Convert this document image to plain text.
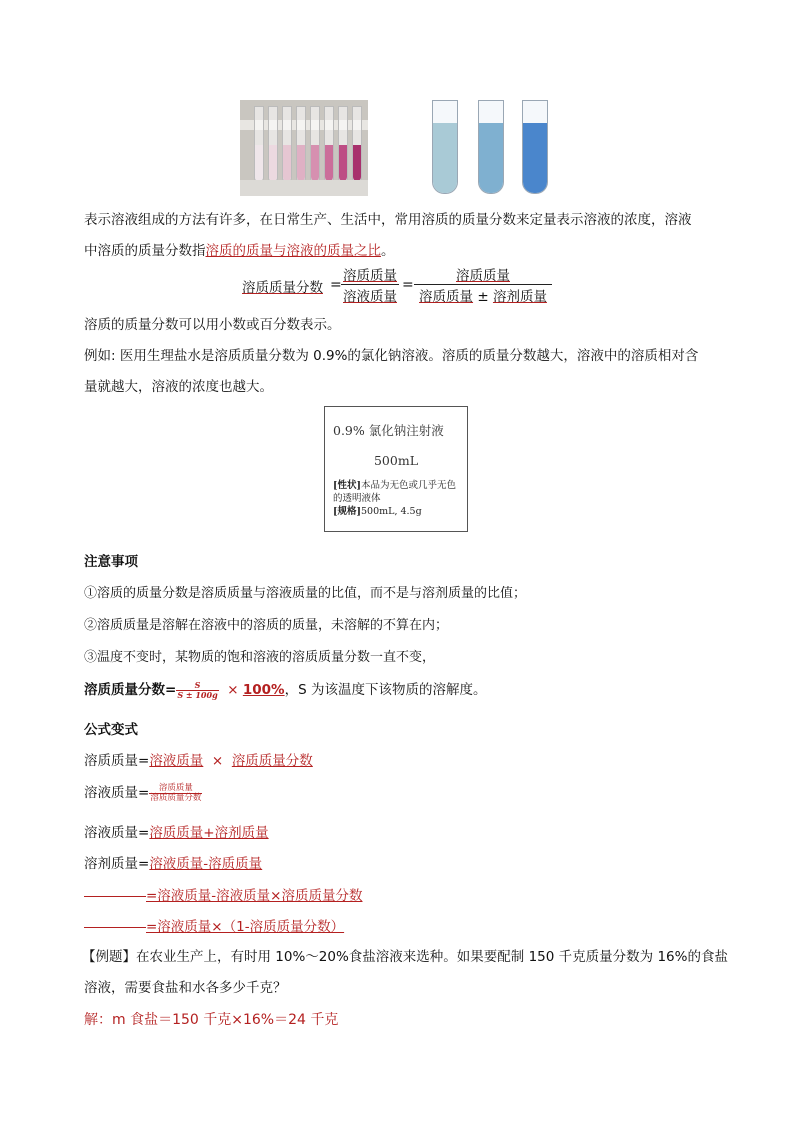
表示溶液组成的方法有许多，在日常生产、生活中，常用溶质的质量分数来定量表示溶液的浓度，溶液
中溶质的质量分数指溶质的质量与溶液的质量之比。
溶质质量分数 =
溶质质量
溶液质量
=
溶质质量
溶质质量 ± 溶剂质量
溶质的质量分数可以用小数或百分数表示。
例如: 医用生理盐水是溶质质量分数为 0.9%的氯化钠溶液。溶质的质量分数越大，溶液中的溶质相对含
量就越大，溶液的浓度也越大。
0.9% 氯化钠注射液
500mL
[性状]本品为无色或几乎无色的透明液体
[规格]500mL, 4.5g
注意事项
①溶质的质量分数是溶质质量与溶液质量的比值，而不是与溶剂质量的比值；
②溶质质量是溶解在溶液中的溶质的质量，未溶解的不算在内；
③温度不变时，某物质的饱和溶液的溶质质量分数一直不变，
溶质质量分数= $\frac{S}{S \pm 100g} \times 100\%$，S 为该温度下该物质的溶解度。
公式变式
溶质质量=溶液质量 × 溶质质量分数
溶液质量=	溶质质量
溶质质量分数
溶液质量=溶质质量+溶剂质量
溶剂质量=溶液质量-溶质质量
=溶液质量-溶液质量×溶质质量分数
=溶液质量×（1-溶质质量分数）
【例题】在农业生产上，有时用 10%～20%食盐溶液来选种。如果要配制 150 千克质量分数为 16%的食盐
溶液，需要食盐和水各多少千克？
解：m 食盐＝150 千克×16%＝24 千克
